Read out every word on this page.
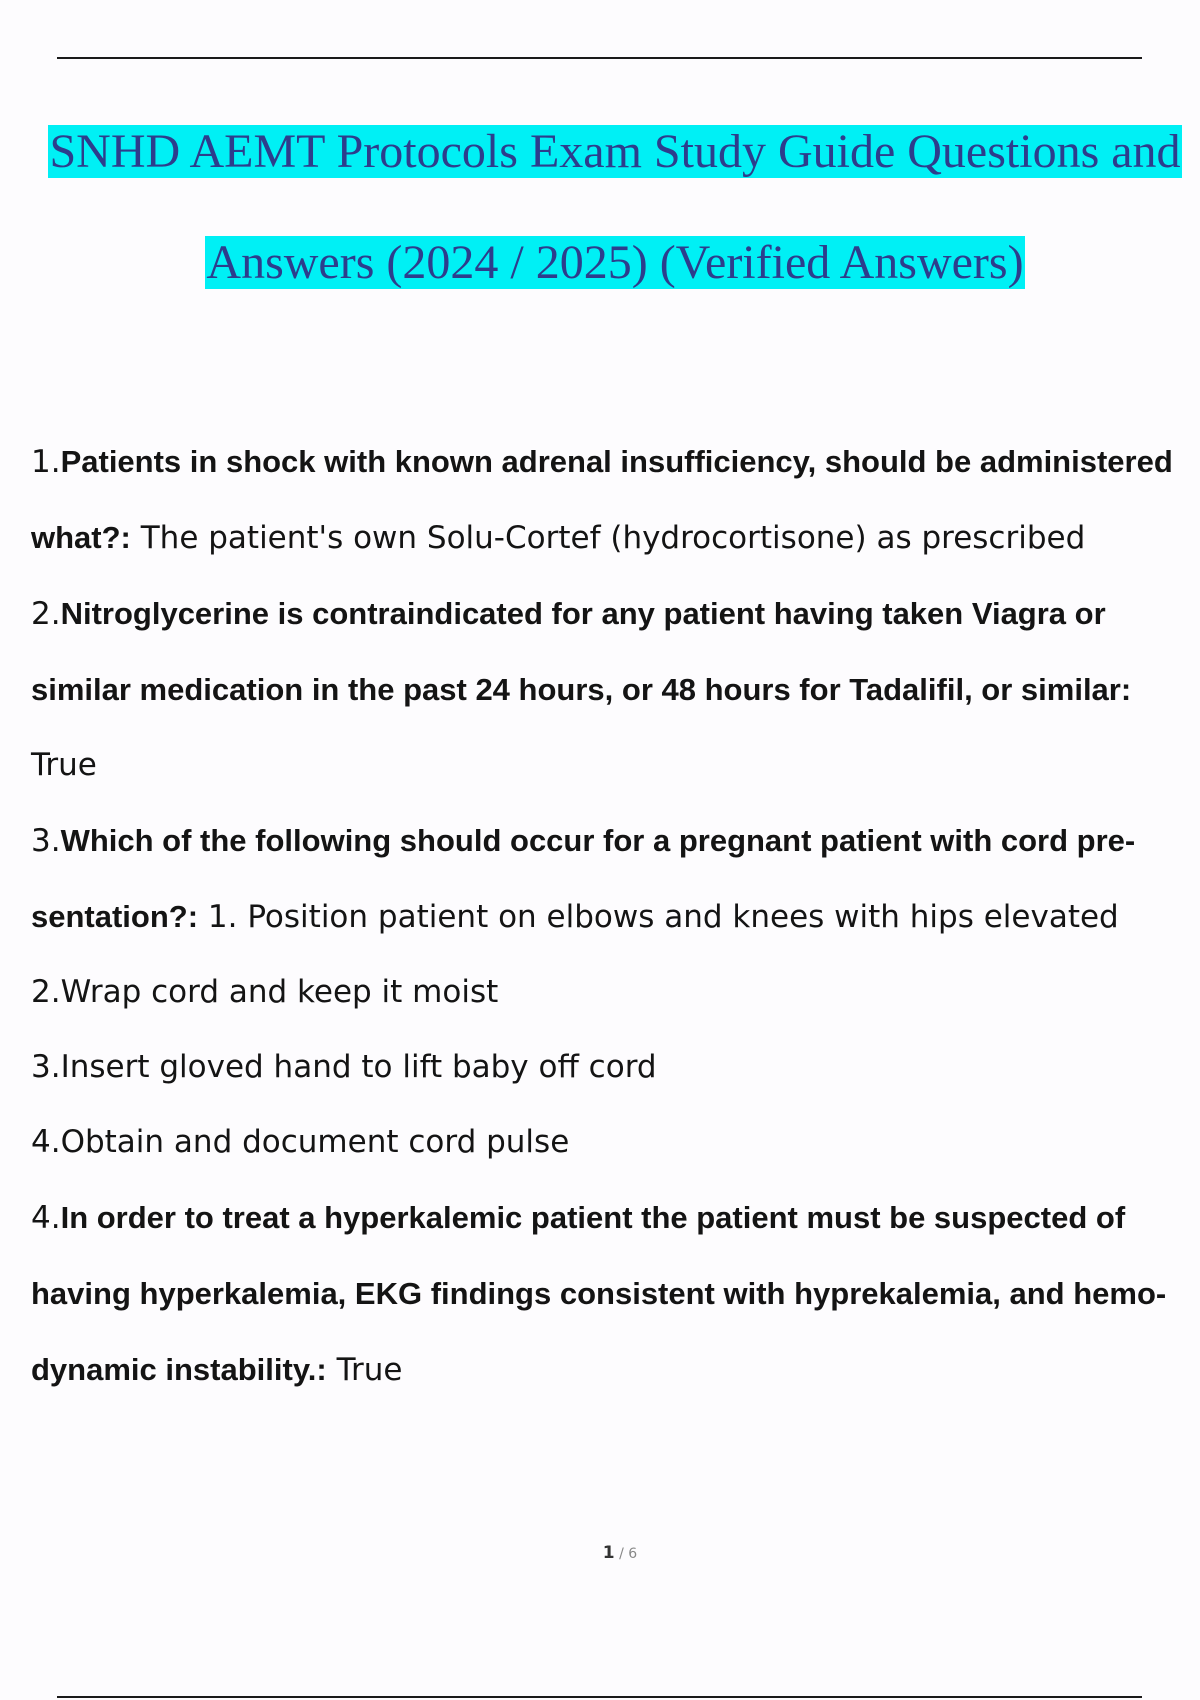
SNHD AEMT Protocols Exam Study Guide Questions and
Answers (2024 / 2025) (Verified Answers)

1.Patients in shock with known adrenal insufficiency, should be administered what?: The patient's own Solu-Cortef (hydrocortisone) as prescribed

2.Nitroglycerine is contraindicated for any patient having taken Viagra or similar medication in the past 24 hours, or 48 hours for Tadalifil, or similar: True

3.Which of the following should occur for a pregnant patient with cord pre- sentation?: 1. Position patient on elbows and knees with hips elevated

2.Wrap cord and keep it moist

3.Insert gloved hand to lift baby off cord

4.Obtain and document cord pulse

4.In order to treat a hyperkalemic patient the patient must be suspected of having hyperkalemia, EKG findings consistent with hyprekalemia, and hemo- dynamic instability.: True

1 / 6
